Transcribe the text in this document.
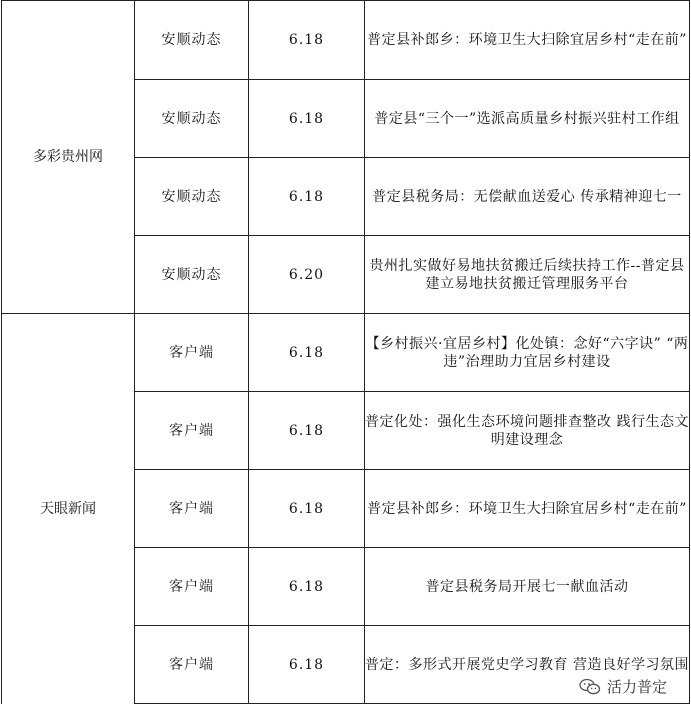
多彩贵州网	安顺动态	6.18	普定县补郎乡：环境卫生大扫除宜居乡村“走在前”
	安顺动态	6.18	普定县“三个一”选派高质量乡村振兴驻村工作组
	安顺动态	6.18	普定县税务局：无偿献血送爱心 传承精神迎七一
	安顺动态	6.20	贵州扎实做好易地扶贫搬迁后续扶持工作--普定县建立易地扶贫搬迁管理服务平台
天眼新闻	客户端	6.18	【乡村振兴·宜居乡村】化处镇：念好“六字诀” “两违”治理助力宜居乡村建设
	客户端	6.18	普定化处：强化生态环境问题排查整改 践行生态文明建设理念
	客户端	6.18	普定县补郎乡：环境卫生大扫除宜居乡村“走在前”
	客户端	6.18	普定县税务局开展七一献血活动
	客户端	6.18	普定：多形式开展党史学习教育 营造良好学习氛围
活力普定
